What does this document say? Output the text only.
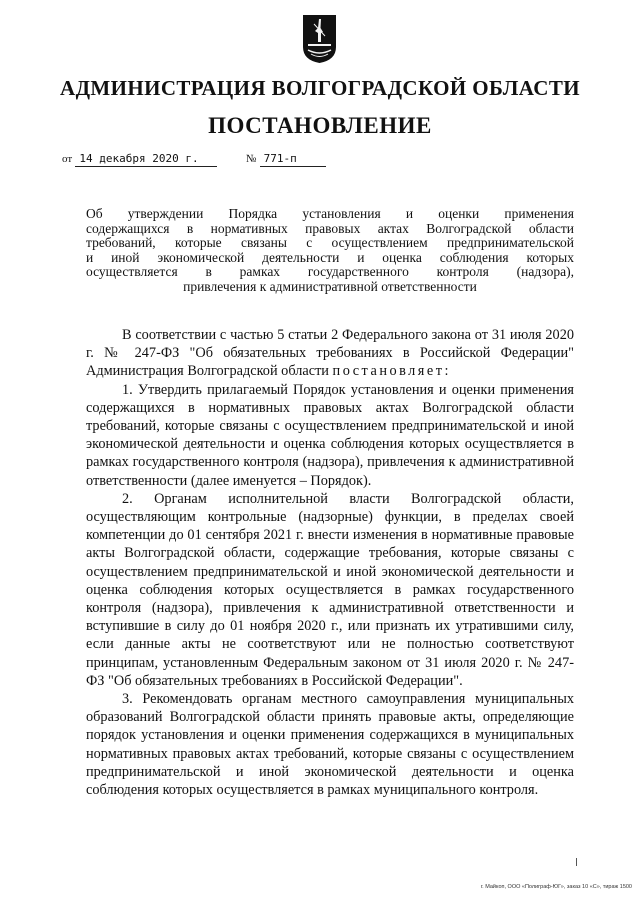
АДМИНИСТРАЦИЯ ВОЛГОГРАДСКОЙ ОБЛАСТИ
ПОСТАНОВЛЕНИЕ
от 14 декабря 2020 г.	№ 771-п

Об утверждении Порядка установления и оценки применения

содержащихся в нормативных правовых актах Волгоградской области

требований, которые связаны с осуществлением предпринимательской

и иной экономической деятельности и оценка соблюдения которых

осуществляется в рамках государственного контроля (надзора),

привлечения к административной ответственности

В соответствии с частью 5 статьи 2 Федерального закона от 31 июля 2020 г. № 247-ФЗ "Об обязательных требованиях в Российской Федерации" Администрация Волгоградской области постановляет:

1. Утвердить прилагаемый Порядок установления и оценки применения содержащихся в нормативных правовых актах Волгоградской области требований, которые связаны с осуществлением предпринимательской и иной экономической деятельности и оценка соблюдения которых осуществляется в рамках государственного контроля (надзора), привлечения к административной ответственности (далее именуется – Порядок).

2. Органам исполнительной власти Волгоградской области, осуществляющим контрольные (надзорные) функции, в пределах своей компетенции до 01 сентября 2021 г. внести изменения в нормативные правовые акты Волгоградской области, содержащие требования, которые связаны с осуществлением предпринимательской и иной экономической деятельности и оценка соблюдения которых осуществляется в рамках государственного контроля (надзора), привлечения к административной ответственности и вступившие в силу до 01 ноября 2020 г., или признать их утратившими силу, если данные акты не соответствуют или не полностью соответствуют принципам, установленным Федеральным законом от 31 июля 2020 г. № 247-ФЗ "Об обязательных требованиях в Российской Федерации".

3. Рекомендовать органам местного самоуправления муниципальных образований Волгоградской области принять правовые акты, определяющие порядок установления и оценки применения содержащихся в муниципальных нормативных правовых актах требований, которые связаны с осуществлением предпринимательской и иной экономической деятельности и оценка соблюдения которых осуществляется в рамках муниципального контроля.

г. Майкоп, ООО «Полиграф-ЮГ», заказ 10 «С», тираж 1500
